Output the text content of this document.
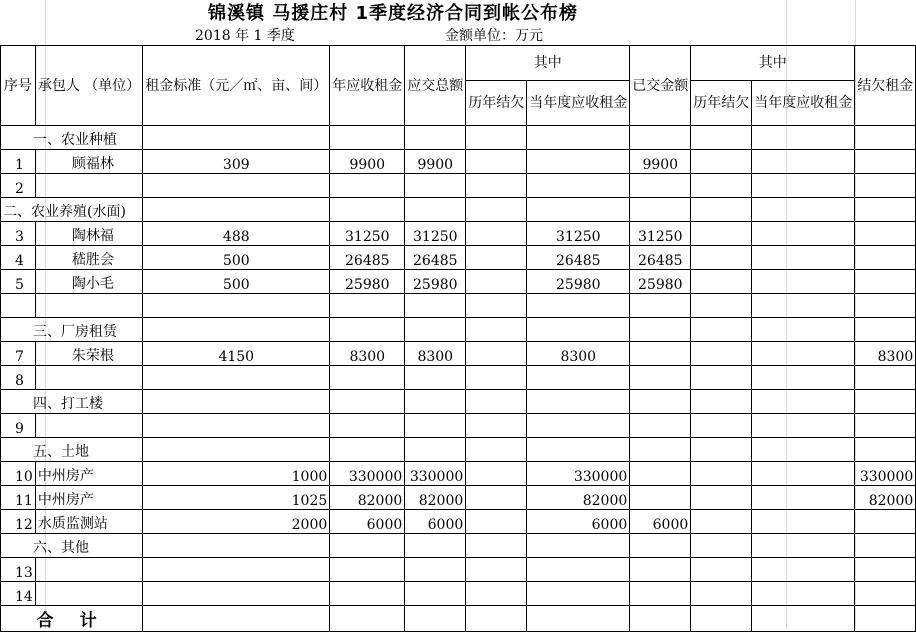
锦溪镇 马援庄村 1季度经济合同到帐公布榜
2018 年 1 季度	金额单位：万元
序号	承包人 （单位）	租金标准（元／㎡、亩、间）	年应收租金	应交总额	其中		已交金额	其中		结欠租金
					历年结欠	当年度应收租金		历年结欠	当年度应收租金	
一、农业种植										
1	顾福林	309	9900	9900			9900			
2										
二、农业养殖(水面)										
3	陶林福	488	31250	31250		31250	31250			
4	嵇胜会	500	26485	26485		26485	26485			
5	陶小毛	500	25980	25980		25980	25980			

三、厂房租赁										
7	朱荣根	4150	8300	8300		8300				8300
8										
四、打工楼										
9										
五、土地										
10	中州房产	1000	330000	330000		330000				330000
11	中州房产	1025	82000	82000		82000				82000
12	水质监测站	2000	6000	6000		6000	6000			
六、其他										
13										
14										
合 计										
